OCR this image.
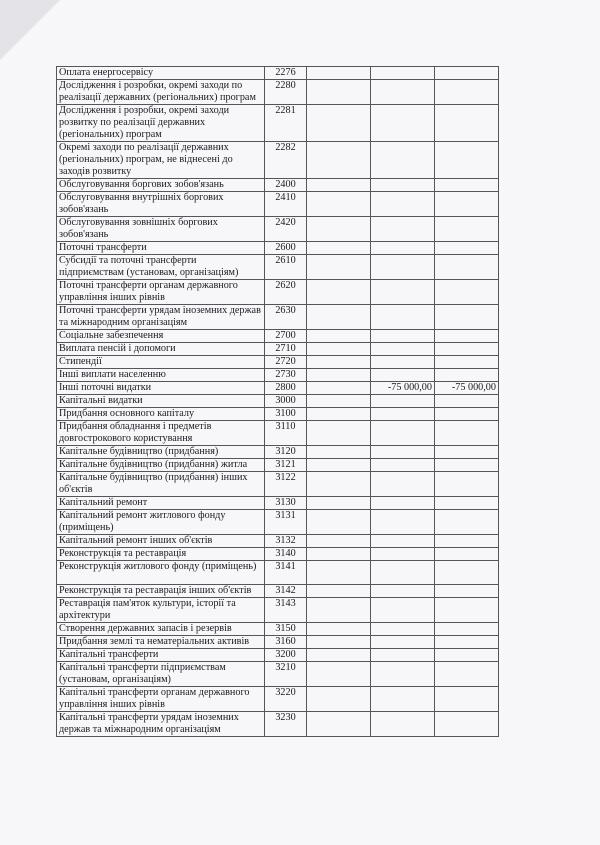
Оплата енергосервісу	2276			
Дослідження і розробки, окремі заходи по реалізації державних (регіональних) програм	2280			
Дослідження і розробки, окремі заходи розвитку по реалізації державних (регіональних) програм	2281			
Окремі заходи по реалізації державних (регіональних) програм, не віднесені до заходів розвитку	2282			
Обслуговування боргових зобов'язань	2400			
Обслуговування внутрішніх боргових зобов'язань	2410			
Обслуговування зовнішніх боргових зобов'язань	2420			
Поточні трансферти	2600			
Субсидії та поточні трансферти підприємствам (установам, організаціям)	2610			
Поточні трансферти органам державного управління інших рівнів	2620			
Поточні трансферти урядам іноземних держав та міжнародним організаціям	2630			
Соціальне забезпечення	2700			
Виплата пенсій і допомоги	2710			
Стипендії	2720			
Інші виплати населенню	2730			
Інші поточні видатки	2800		-75 000,00	-75 000,00
Капітальні видатки	3000			
Придбання основного капіталу	3100			
Придбання обладнання і предметів довгострокового користування	3110			
Капітальне будівництво (придбання)	3120			
Капітальне будівництво (придбання) житла	3121			
Капітальне будівництво (придбання) інших об'єктів	3122			
Капітальний ремонт	3130			
Капітальний ремонт житлового фонду (приміщень)	3131			
Капітальний ремонт інших об'єктів	3132			
Реконструкція та реставрація	3140			
Реконструкція житлового фонду (приміщень)	3141			
Реконструкція та реставрація інших об'єктів	3142			
Реставрація пам'яток культури, історії та архітектури	3143			
Створення державних запасів і резервів	3150			
Придбання землі та нематеріальних активів	3160			
Капітальні трансферти	3200			
Капітальні трансферти підприємствам (установам, організаціям)	3210			
Капітальні трансферти органам державного управління інших рівнів	3220			
Капітальні трансферти урядам іноземних держав та міжнародним організаціям	3230			
